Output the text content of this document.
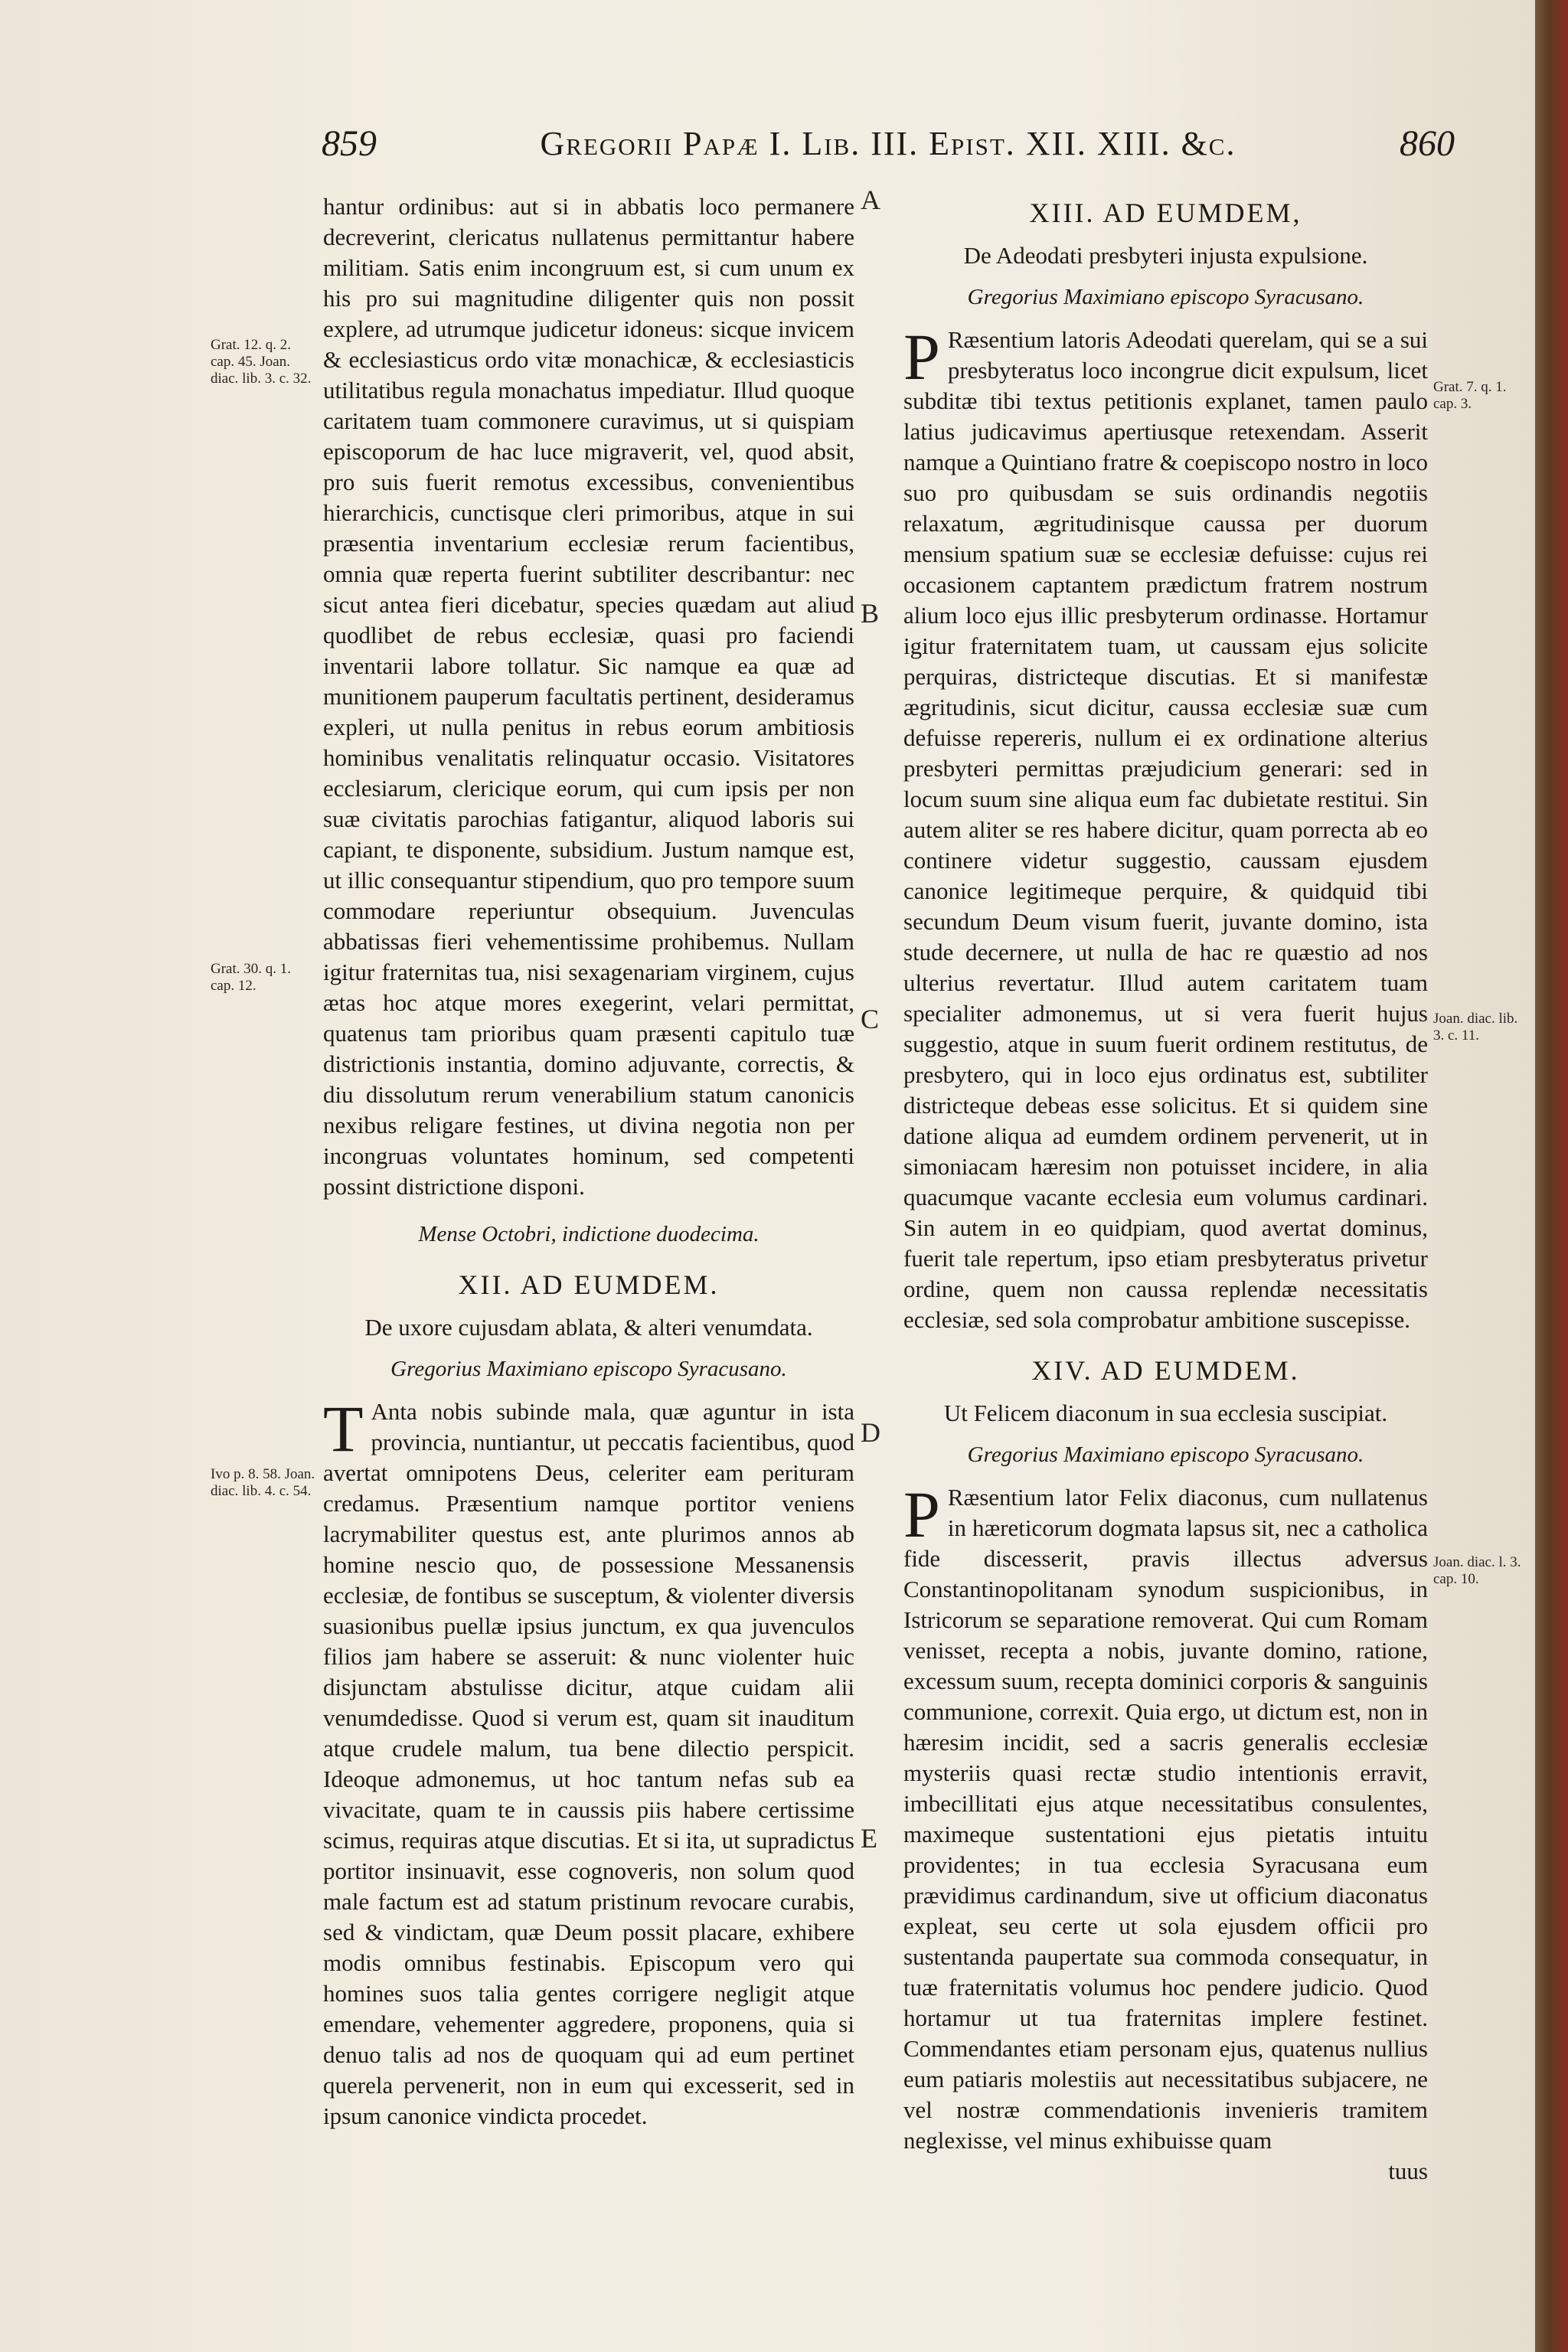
859	Gregorii Papæ I. Lib. III. Epist. XII. XIII. &c.	860

hantur ordinibus: aut si in abbatis loco permanere decreverint, clericatus nullatenus permittantur habere militiam. Satis enim incongruum est, si cum unum ex his pro sui magnitudine diligenter quis non possit explere, ad utrumque judicetur idoneus: sicque invicem & ecclesiasticus ordo vitæ monachicæ, & ecclesiasticis utilitatibus regula monachatus impediatur. Illud quoque caritatem tuam commonere curavimus, ut si quispiam episcoporum de hac luce migraverit, vel, quod absit, pro suis fuerit remotus excessibus, convenientibus hierarchicis, cunctisque cleri primoribus, atque in sui præsentia inventarium ecclesiæ rerum facientibus, omnia quæ reperta fuerint subtiliter describantur: nec sicut antea fieri dicebatur, species quædam aut aliud quodlibet de rebus ecclesiæ, quasi pro faciendi inventarii labore tollatur. Sic namque ea quæ ad munitionem pauperum facultatis pertinent, desideramus expleri, ut nulla penitus in rebus eorum ambitiosis hominibus venalitatis relinquatur occasio. Visitatores ecclesiarum, clericique eorum, qui cum ipsis per non suæ civitatis parochias fatigantur, aliquod laboris sui capiant, te disponente, subsidium. Justum namque est, ut illic consequantur stipendium, quo pro tempore suum commodare reperiuntur obsequium. Juvenculas abbatissas fieri vehementissime prohibemus. Nullam igitur fraternitas tua, nisi sexagenariam virginem, cujus ætas hoc atque mores exegerint, velari permittat, quatenus tam prioribus quam præsenti capitulo tuæ districtionis instantia, domino adjuvante, correctis, & diu dissolutum rerum venerabilium statum canonicis nexibus religare festines, ut divina negotia non per incongruas voluntates hominum, sed competenti possint districtione disponi.

Mense Octobri, indictione duodecima.
XII. AD EUMDEM.
De uxore cujusdam ablata, & alteri venumdata.
Gregorius Maximiano episcopo Syracusano.

T Anta nobis subinde mala, quæ aguntur in ista provincia, nuntiantur, ut peccatis facientibus, quod avertat omnipotens Deus, celeriter eam perituram credamus. Præsentium namque portitor veniens lacrymabiliter questus est, ante plurimos annos ab homine nescio quo, de possessione Messanensis ecclesiæ, de fontibus se susceptum, & violenter diversis suasionibus puellæ ipsius junctum, ex qua juvenculos filios jam habere se asseruit: & nunc violenter huic disjunctam abstulisse dicitur, atque cuidam alii venumdedisse. Quod si verum est, quam sit inauditum atque crudele malum, tua bene dilectio perspicit. Ideoque admonemus, ut hoc tantum nefas sub ea vivacitate, quam te in caussis piis habere certissime scimus, requiras atque discutias. Et si ita, ut supradictus portitor insinuavit, esse cognoveris, non solum quod male factum est ad statum pristinum revocare curabis, sed & vindictam, quæ Deum possit placare, exhibere modis omnibus festinabis. Episcopum vero qui homines suos talia gentes corrigere negligit atque emendare, vehementer aggredere, proponens, quia si denuo talis ad nos de quoquam qui ad eum pertinet querela pervenerit, non in eum qui excesserit, sed in ipsum canonice vindicta procedet.

XIII. AD EUMDEM,
De Adeodati presbyteri injusta expulsione.
Gregorius Maximiano episcopo Syracusano.

P Ræsentium latoris Adeodati querelam, qui se a sui presbyteratus loco incongrue dicit expulsum, licet subditæ tibi textus petitionis explanet, tamen paulo latius judicavimus apertiusque retexendam. Asserit namque a Quintiano fratre & coepiscopo nostro in loco suo pro quibusdam se suis ordinandis negotiis relaxatum, ægritudinisque caussa per duorum mensium spatium suæ se ecclesiæ defuisse: cujus rei occasionem captantem prædictum fratrem nostrum alium loco ejus illic presbyterum ordinasse. Hortamur igitur fraternitatem tuam, ut caussam ejus solicite perquiras, districteque discutias. Et si manifestæ ægritudinis, sicut dicitur, caussa ecclesiæ suæ cum defuisse repereris, nullum ei ex ordinatione alterius presbyteri permittas præjudicium generari: sed in locum suum sine aliqua eum fac dubietate restitui. Sin autem aliter se res habere dicitur, quam porrecta ab eo continere videtur suggestio, caussam ejusdem canonice legitimeque perquire, & quidquid tibi secundum Deum visum fuerit, juvante domino, ista stude decernere, ut nulla de hac re quæstio ad nos ulterius revertatur. Illud autem caritatem tuam specialiter admonemus, ut si vera fuerit hujus suggestio, atque in suum fuerit ordinem restitutus, de presbytero, qui in loco ejus ordinatus est, subtiliter districteque debeas esse solicitus. Et si quidem sine datione aliqua ad eumdem ordinem pervenerit, ut in simoniacam hæresim non potuisset incidere, in alia quacumque vacante ecclesia eum volumus cardinari. Sin autem in eo quidpiam, quod avertat dominus, fuerit tale repertum, ipso etiam presbyteratus privetur ordine, quem non caussa replendæ necessitatis ecclesiæ, sed sola comprobatur ambitione suscepisse.

XIV. AD EUMDEM.
Ut Felicem diaconum in sua ecclesia suscipiat.
Gregorius Maximiano episcopo Syracusano.

P Ræsentium lator Felix diaconus, cum nullatenus in hæreticorum dogmata lapsus sit, nec a catholica fide discesserit, pravis illectus adversus Constantinopolitanam synodum suspicionibus, in Istricorum se separatione removerat. Qui cum Romam venisset, recepta a nobis, juvante domino, ratione, excessum suum, recepta dominici corporis & sanguinis communione, correxit. Quia ergo, ut dictum est, non in hæresim incidit, sed a sacris generalis ecclesiæ mysteriis quasi rectæ studio intentionis erravit, imbecillitati ejus atque necessitatibus consulentes, maximeque sustentationi ejus pietatis intuitu providentes; in tua ecclesia Syracusana eum prævidimus cardinandum, sive ut officium diaconatus expleat, seu certe ut sola ejusdem officii pro sustentanda paupertate sua commoda consequatur, in tuæ fraternitatis volumus hoc pendere judicio. Quod hortamur ut tua fraternitas implere festinet. Commendantes etiam personam ejus, quatenus nullius eum patiaris molestiis aut necessitatibus subjacere, ne vel nostræ commendationis invenieris tramitem neglexisse, vel minus exhibuisse quam

tuus
Grat. 12. q. 2. cap. 45. Joan. diac. lib. 3. c. 32.
Grat. 30. q. 1. cap. 12.
Ivo p. 8. 58. Joan. diac. lib. 4. c. 54.
Grat. 7. q. 1. cap. 3.
Joan. diac. lib. 3. c. 11.
Joan. diac. l. 3. cap. 10.
A
B
C
D
E
